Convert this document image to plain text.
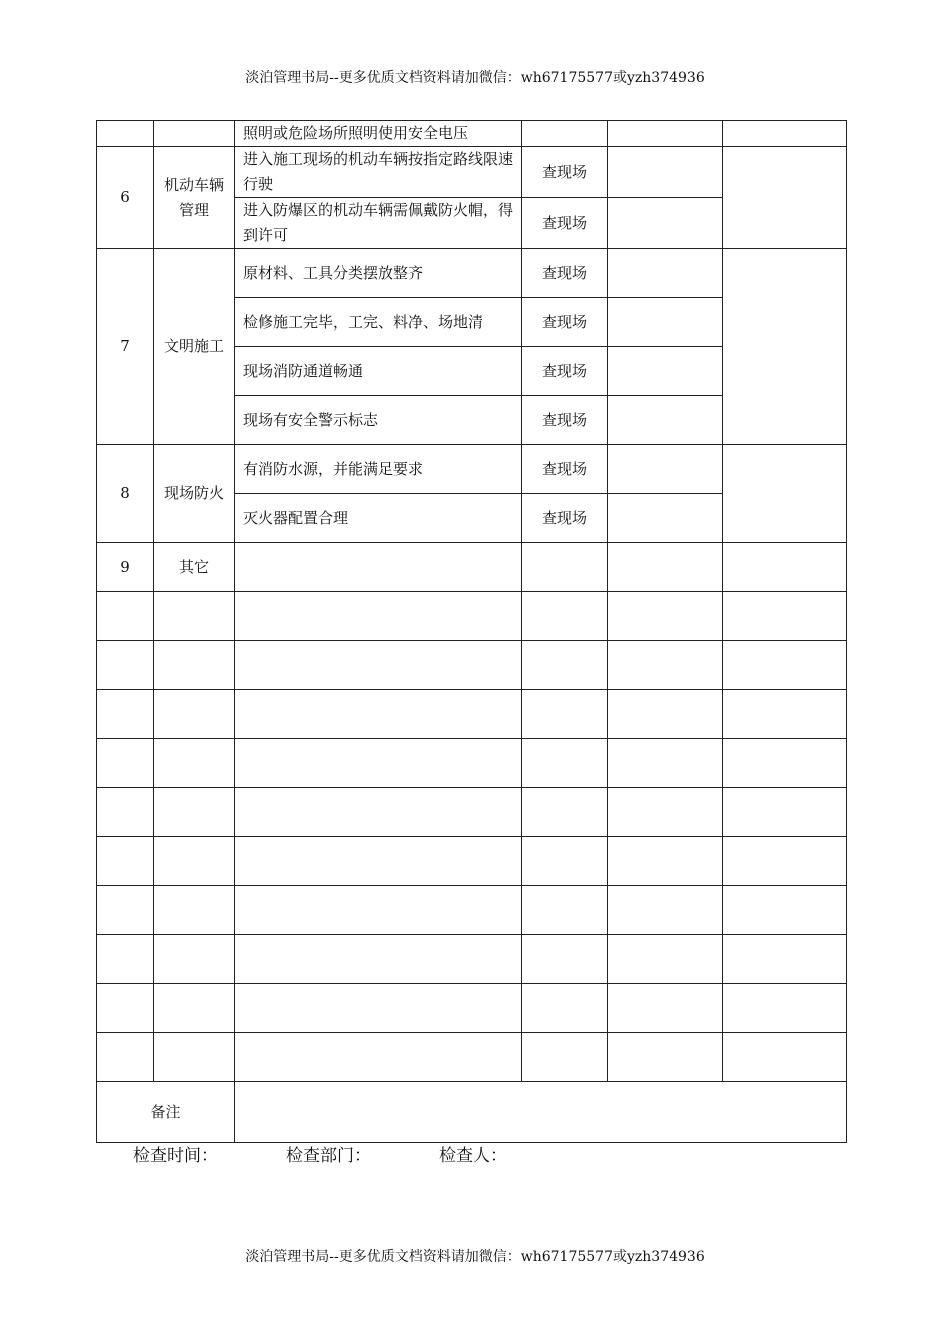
淡泊管理书局--更多优质文档资料请加微信：wh67175577或yzh374936
		照明或危险场所照明使用安全电压			
6	机动车辆管理	进入施工现场的机动车辆按指定路线限速行驶	查现场		
		进入防爆区的机动车辆需佩戴防火帽，得到许可	查现场		
7	文明施工	原材料、工具分类摆放整齐	查现场		
		检修施工完毕，工完、料净、场地清	查现场		
		现场消防通道畅通	查现场		
		现场有安全警示标志	查现场		
8	现场防火	有消防水源，并能满足要求	查现场		
		灭火器配置合理	查现场		
9	其它				

备注					
检查时间：	检查部门：	检查人：
淡泊管理书局--更多优质文档资料请加微信：wh67175577或yzh374936
